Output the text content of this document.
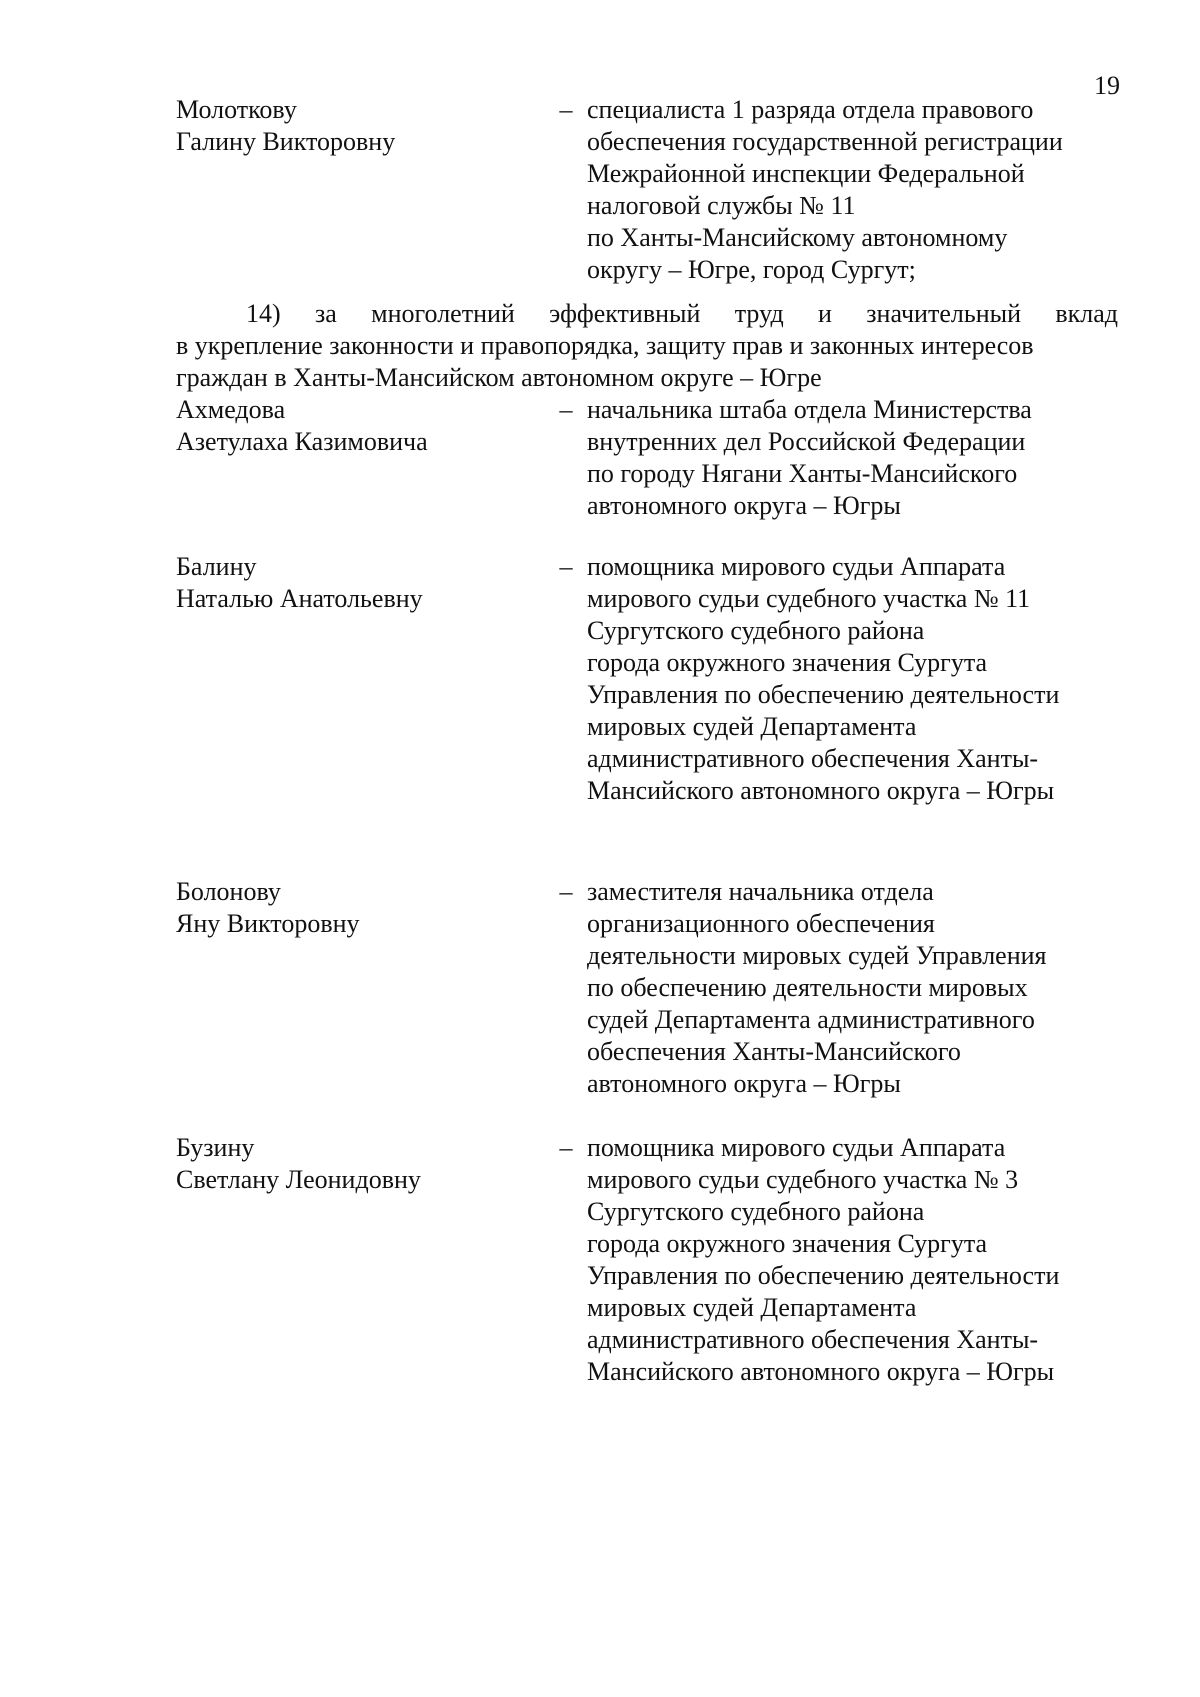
19
Молоткову
Галину Викторовну
– специалиста 1 разряда отдела правового
обеспечения государственной регистрации
Межрайонной инспекции Федеральной
налоговой службы № 11
по Ханты-Мансийскому автономному
округу – Югре, город Сургут;
14) за многолетний эффективный труд и значительный вклад
в укрепление законности и правопорядка, защиту прав и законных интересов
граждан в Ханты-Мансийском автономном округе – Югре
Ахмедова
Азетулаха Казимовича
– начальника штаба отдела Министерства
внутренних дел Российской Федерации
по городу Нягани Ханты-Мансийского
автономного округа – Югры
Балину
Наталью Анатольевну
– помощника мирового судьи Аппарата
мирового судьи судебного участка № 11
Сургутского судебного района
города окружного значения Сургута
Управления по обеспечению деятельности
мировых судей Департамента
административного обеспечения Ханты-
Мансийского автономного округа – Югры
Болонову
Яну Викторовну
– заместителя начальника отдела
организационного обеспечения
деятельности мировых судей Управления
по обеспечению деятельности мировых
судей Департамента административного
обеспечения Ханты-Мансийского
автономного округа – Югры
Бузину
Светлану Леонидовну
– помощника мирового судьи Аппарата
мирового судьи судебного участка № 3
Сургутского судебного района
города окружного значения Сургута
Управления по обеспечению деятельности
мировых судей Департамента
административного обеспечения Ханты-
Мансийского автономного округа – Югры
